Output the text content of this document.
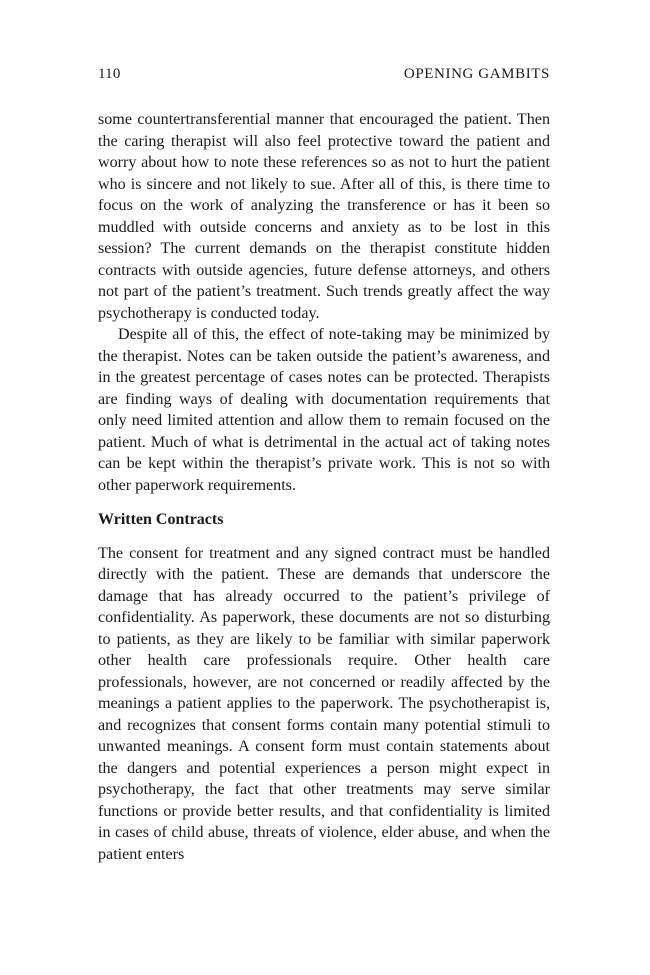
110	OPENING GAMBITS

some countertransferential manner that encouraged the patient. Then the caring therapist will also feel protective toward the patient and worry about how to note these references so as not to hurt the patient who is sincere and not likely to sue. After all of this, is there time to focus on the work of analyzing the transference or has it been so muddled with outside concerns and anxiety as to be lost in this session? The current demands on the therapist constitute hidden contracts with outside agencies, future defense attorneys, and others not part of the patient’s treatment. Such trends greatly affect the way psychotherapy is conducted today.

Despite all of this, the effect of note-taking may be minimized by the therapist. Notes can be taken outside the patient’s awareness, and in the greatest percentage of cases notes can be protected. Therapists are finding ways of dealing with documentation requirements that only need limited attention and allow them to remain focused on the patient. Much of what is detrimental in the actual act of taking notes can be kept within the therapist’s private work. This is not so with other paperwork requirements.

Written Contracts

The consent for treatment and any signed contract must be handled directly with the patient. These are demands that underscore the damage that has already occurred to the patient’s privilege of confidentiality. As paperwork, these documents are not so disturbing to patients, as they are likely to be familiar with similar paperwork other health care professionals require. Other health care professionals, however, are not concerned or readily affected by the meanings a patient applies to the paperwork. The psychotherapist is, and recognizes that consent forms contain many potential stimuli to unwanted meanings. A consent form must contain statements about the dangers and potential experiences a person might expect in psychotherapy, the fact that other treatments may serve similar functions or provide better results, and that confidentiality is limited in cases of child abuse, threats of violence, elder abuse, and when the patient enters
